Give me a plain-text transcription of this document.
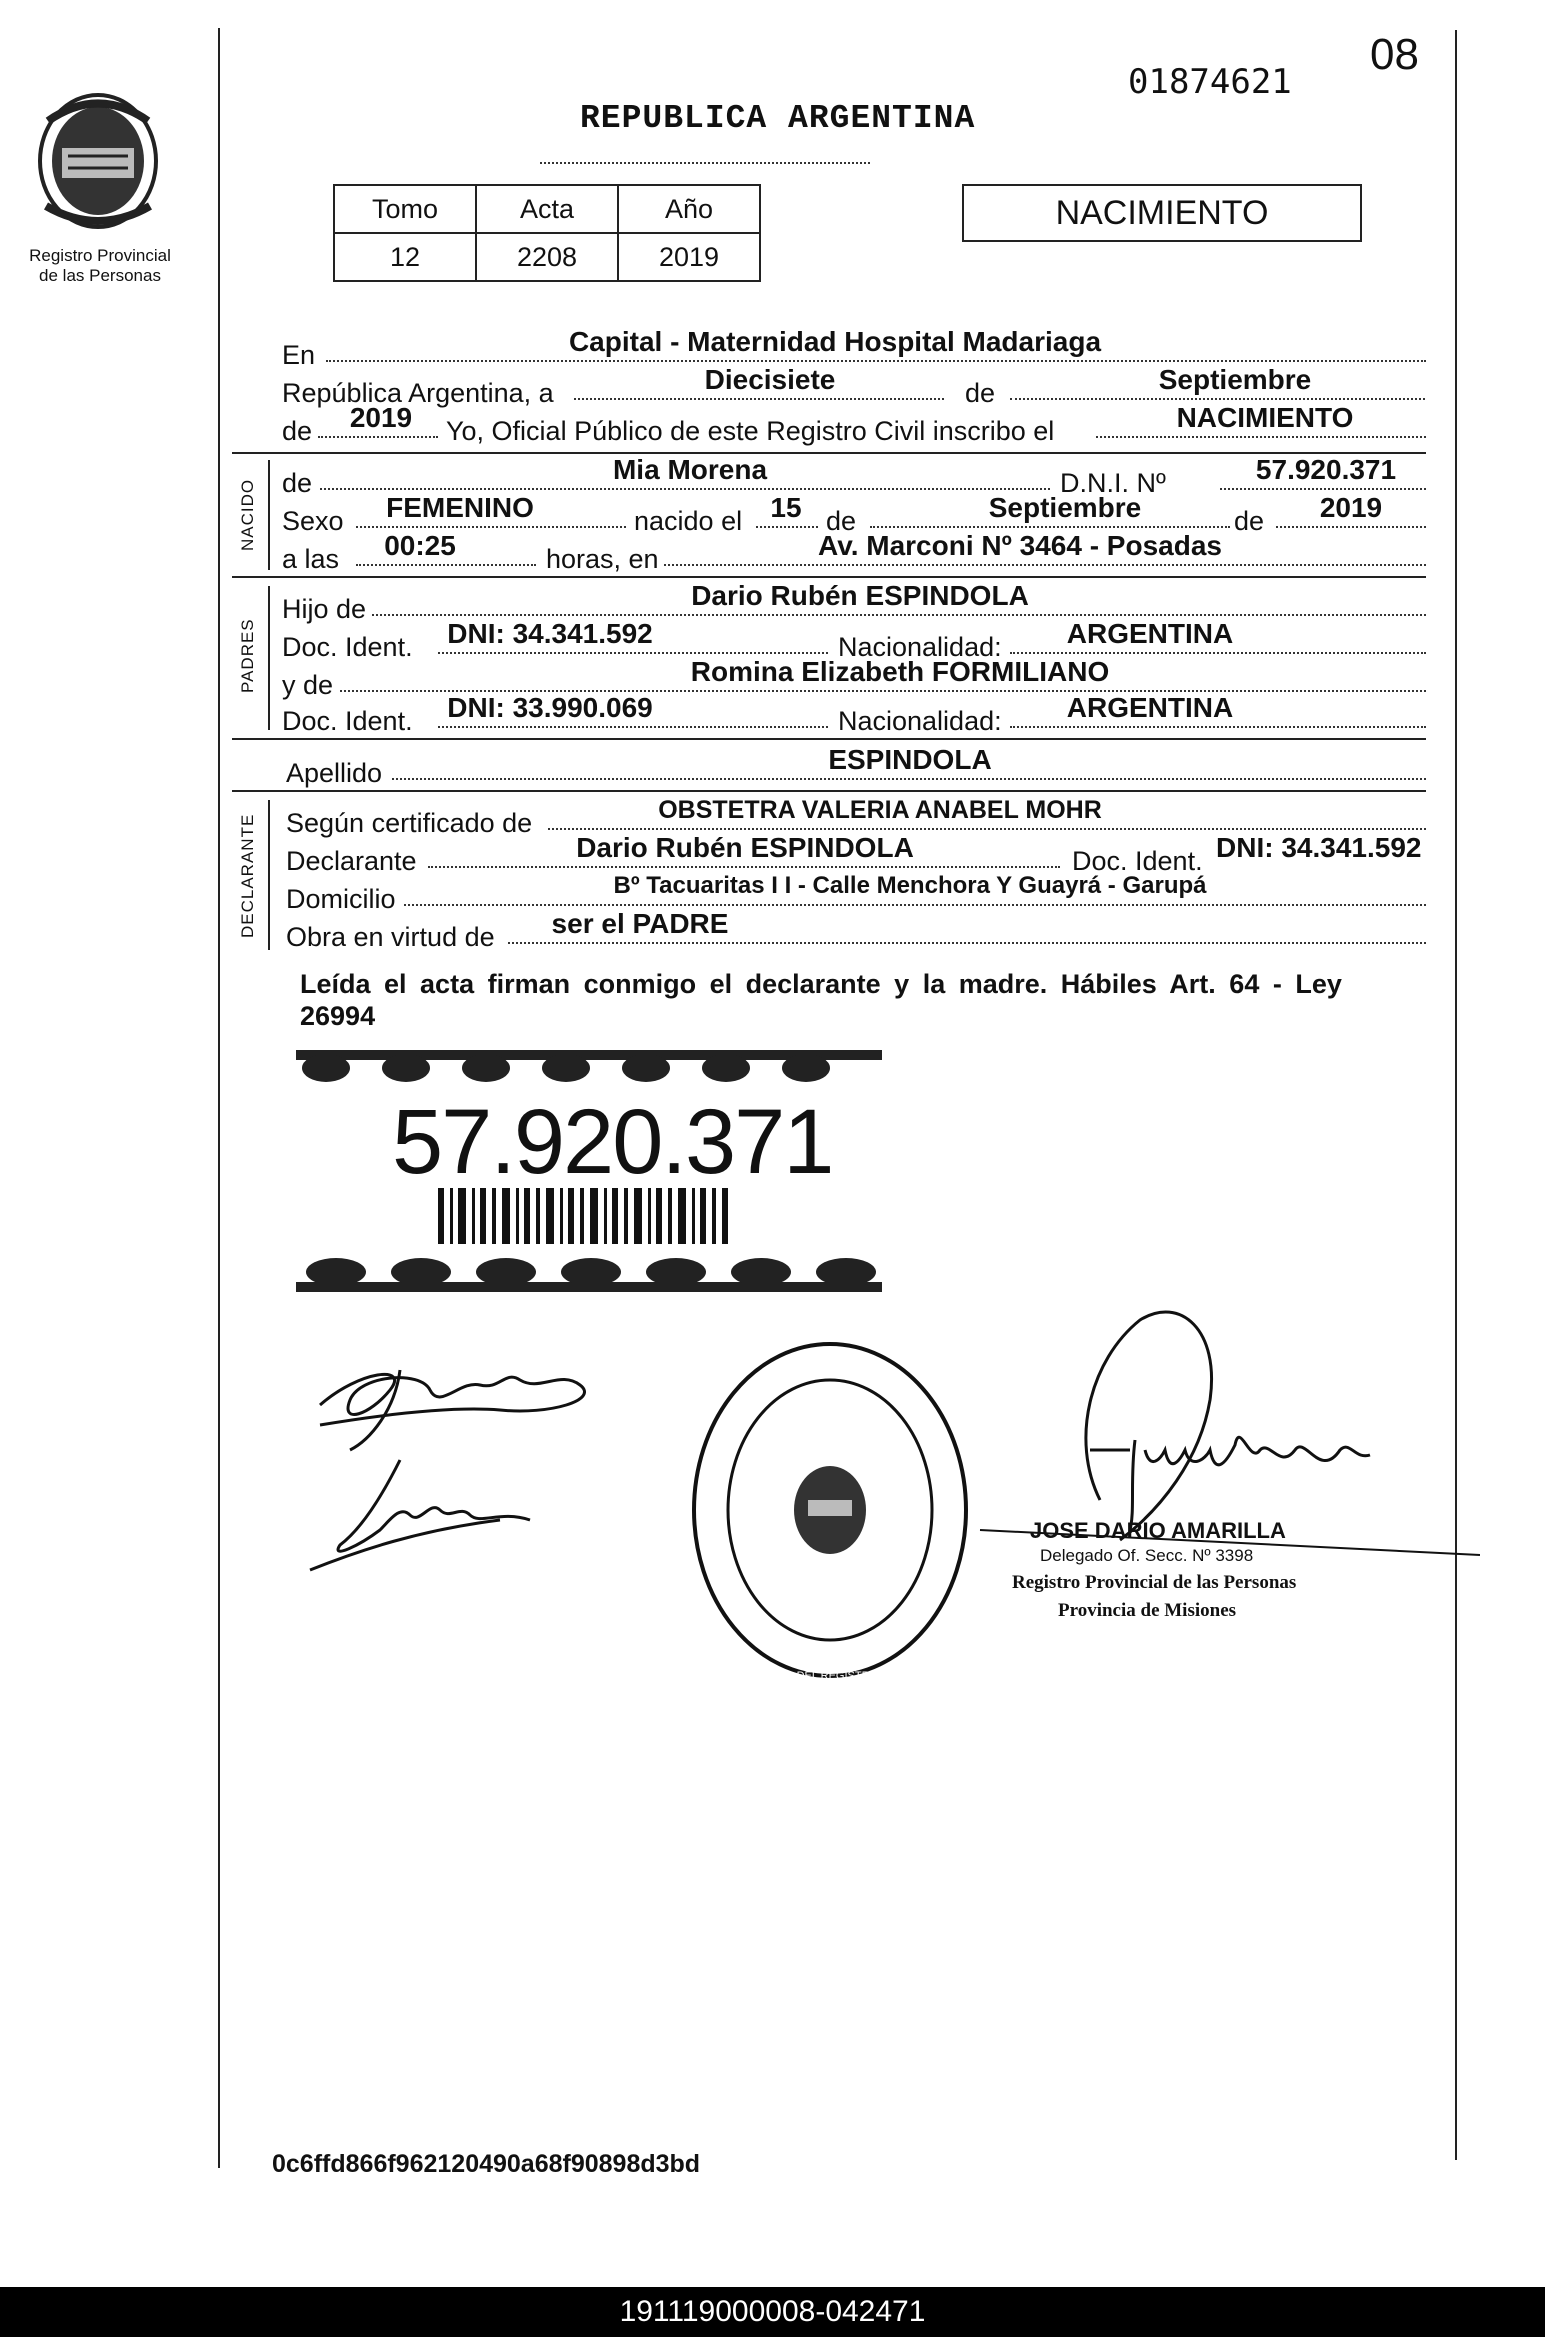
Registro Provincial
de las Personas
REPUBLICA ARGENTINA
01874621
08
Tomo	Acta	Año
12	2208	2019
NACIMIENTO
En	Capital - Maternidad Hospital Madariaga
República Argentina, a	Diecisiete	de	Septiembre
de	2019	Yo, Oficial Público de este Registro Civil inscribo el	NACIMIENTO
NACIDO
PADRES
DECLARANTE
de	Mia Morena	D.N.I. Nº	57.920.371
Sexo	FEMENINO	nacido el	15 de	Septiembre	de	2019
a las	00:25	horas, en	Av. Marconi Nº 3464 - Posadas
Hijo de	Dario Rubén ESPINDOLA
Doc. Ident. DNI: 34.341.592	Nacionalidad:	ARGENTINA
y de	Romina Elizabeth FORMILIANO
Doc. Ident. DNI: 33.990.069	Nacionalidad:	ARGENTINA
Apellido	ESPINDOLA
Según certificado de	OBSTETRA VALERIA ANABEL MOHR
Declarante	Dario Rubén ESPINDOLA	Doc. Ident. DNI: 34.341.592
Domicilio	Bº Tacuaritas I I - Calle Menchora Y Guayrá - Garupá
Obra en virtud de	ser el PADRE
Leída el acta firman conmigo el declarante y la madre. Hábiles Art. 64 - Ley 26994
57.920.371
DIRECC. GRAL. DEL REGISTRO PROVINCIAL DE LAS PERSONAS - MINISTERIO DE GOBIERNO
JOSE DARIO AMARILLA
Delegado Of. Secc. Nº 3398
Registro Provincial de las Personas
Provincia de Misiones
0c6ffd866f962120490a68f90898d3bd
191119000008-042471
